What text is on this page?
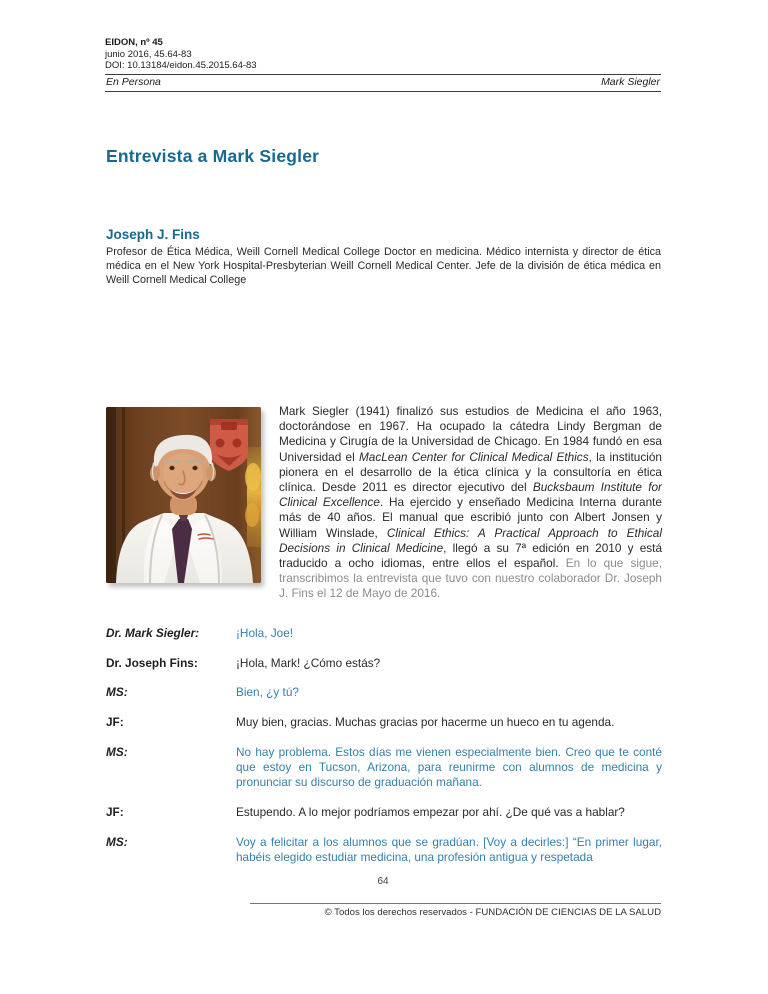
EIDON, nº 45
junio 2016, 45.64-83
DOI: 10.13184/eidon.45.2015.64-83
En Persona	Mark Siegler
Entrevista a Mark Siegler
Joseph J. Fins
Profesor de Ética Médica, Weill Cornell Medical College Doctor en medicina. Médico internista y director de ética médica en el New York Hospital-Presbyterian Weill Cornell Medical Center. Jefe de la división de ética médica en Weill Cornell Medical College
Mark Siegler (1941) finalizó sus estudios de Medicina el año 1963, doctorándose en 1967. Ha ocupado la cátedra Lindy Bergman de Medicina y Cirugía de la Universidad de Chicago. En 1984 fundó en esa Universidad el MacLean Center for Clinical Medical Ethics, la institución pionera en el desarrollo de la ética clínica y la consultoría en ética clínica. Desde 2011 es director ejecutivo del Bucksbaum Institute for Clinical Excellence. Ha ejercido y enseñado Medicina Interna durante más de 40 años. El manual que escribió junto con Albert Jonsen y William Winslade, Clinical Ethics: A Practical Approach to Ethical Decisions in Clinical Medicine, llegó a su 7ª edición en 2010 y está traducido a ocho idiomas, entre ellos el español. En lo que sigue, transcribimos la entrevista que tuvo con nuestro colaborador Dr. Joseph J. Fins el 12 de Mayo de 2016.
Dr. Mark Siegler:	¡Hola, Joe!
Dr. Joseph Fins:	¡Hola, Mark! ¿Cómo estás?
MS:	Bien, ¿y tú?
JF:	Muy bien, gracias. Muchas gracias por hacerme un hueco en tu agenda.
MS:	No hay problema. Estos días me vienen especialmente bien. Creo que te conté que estoy en Tucson, Arizona, para reunirme con alumnos de medicina y pronunciar su discurso de graduación mañana.
JF:	Estupendo. A lo mejor podríamos empezar por ahí. ¿De qué vas a hablar?
MS:	Voy a felicitar a los alumnos que se gradúan. [Voy a decirles:] “En primer lugar, habéis elegido estudiar medicina, una profesión antigua y respetada
64
© Todos los derechos reservados - FUNDACIÓN DE CIENCIAS DE LA SALUD
